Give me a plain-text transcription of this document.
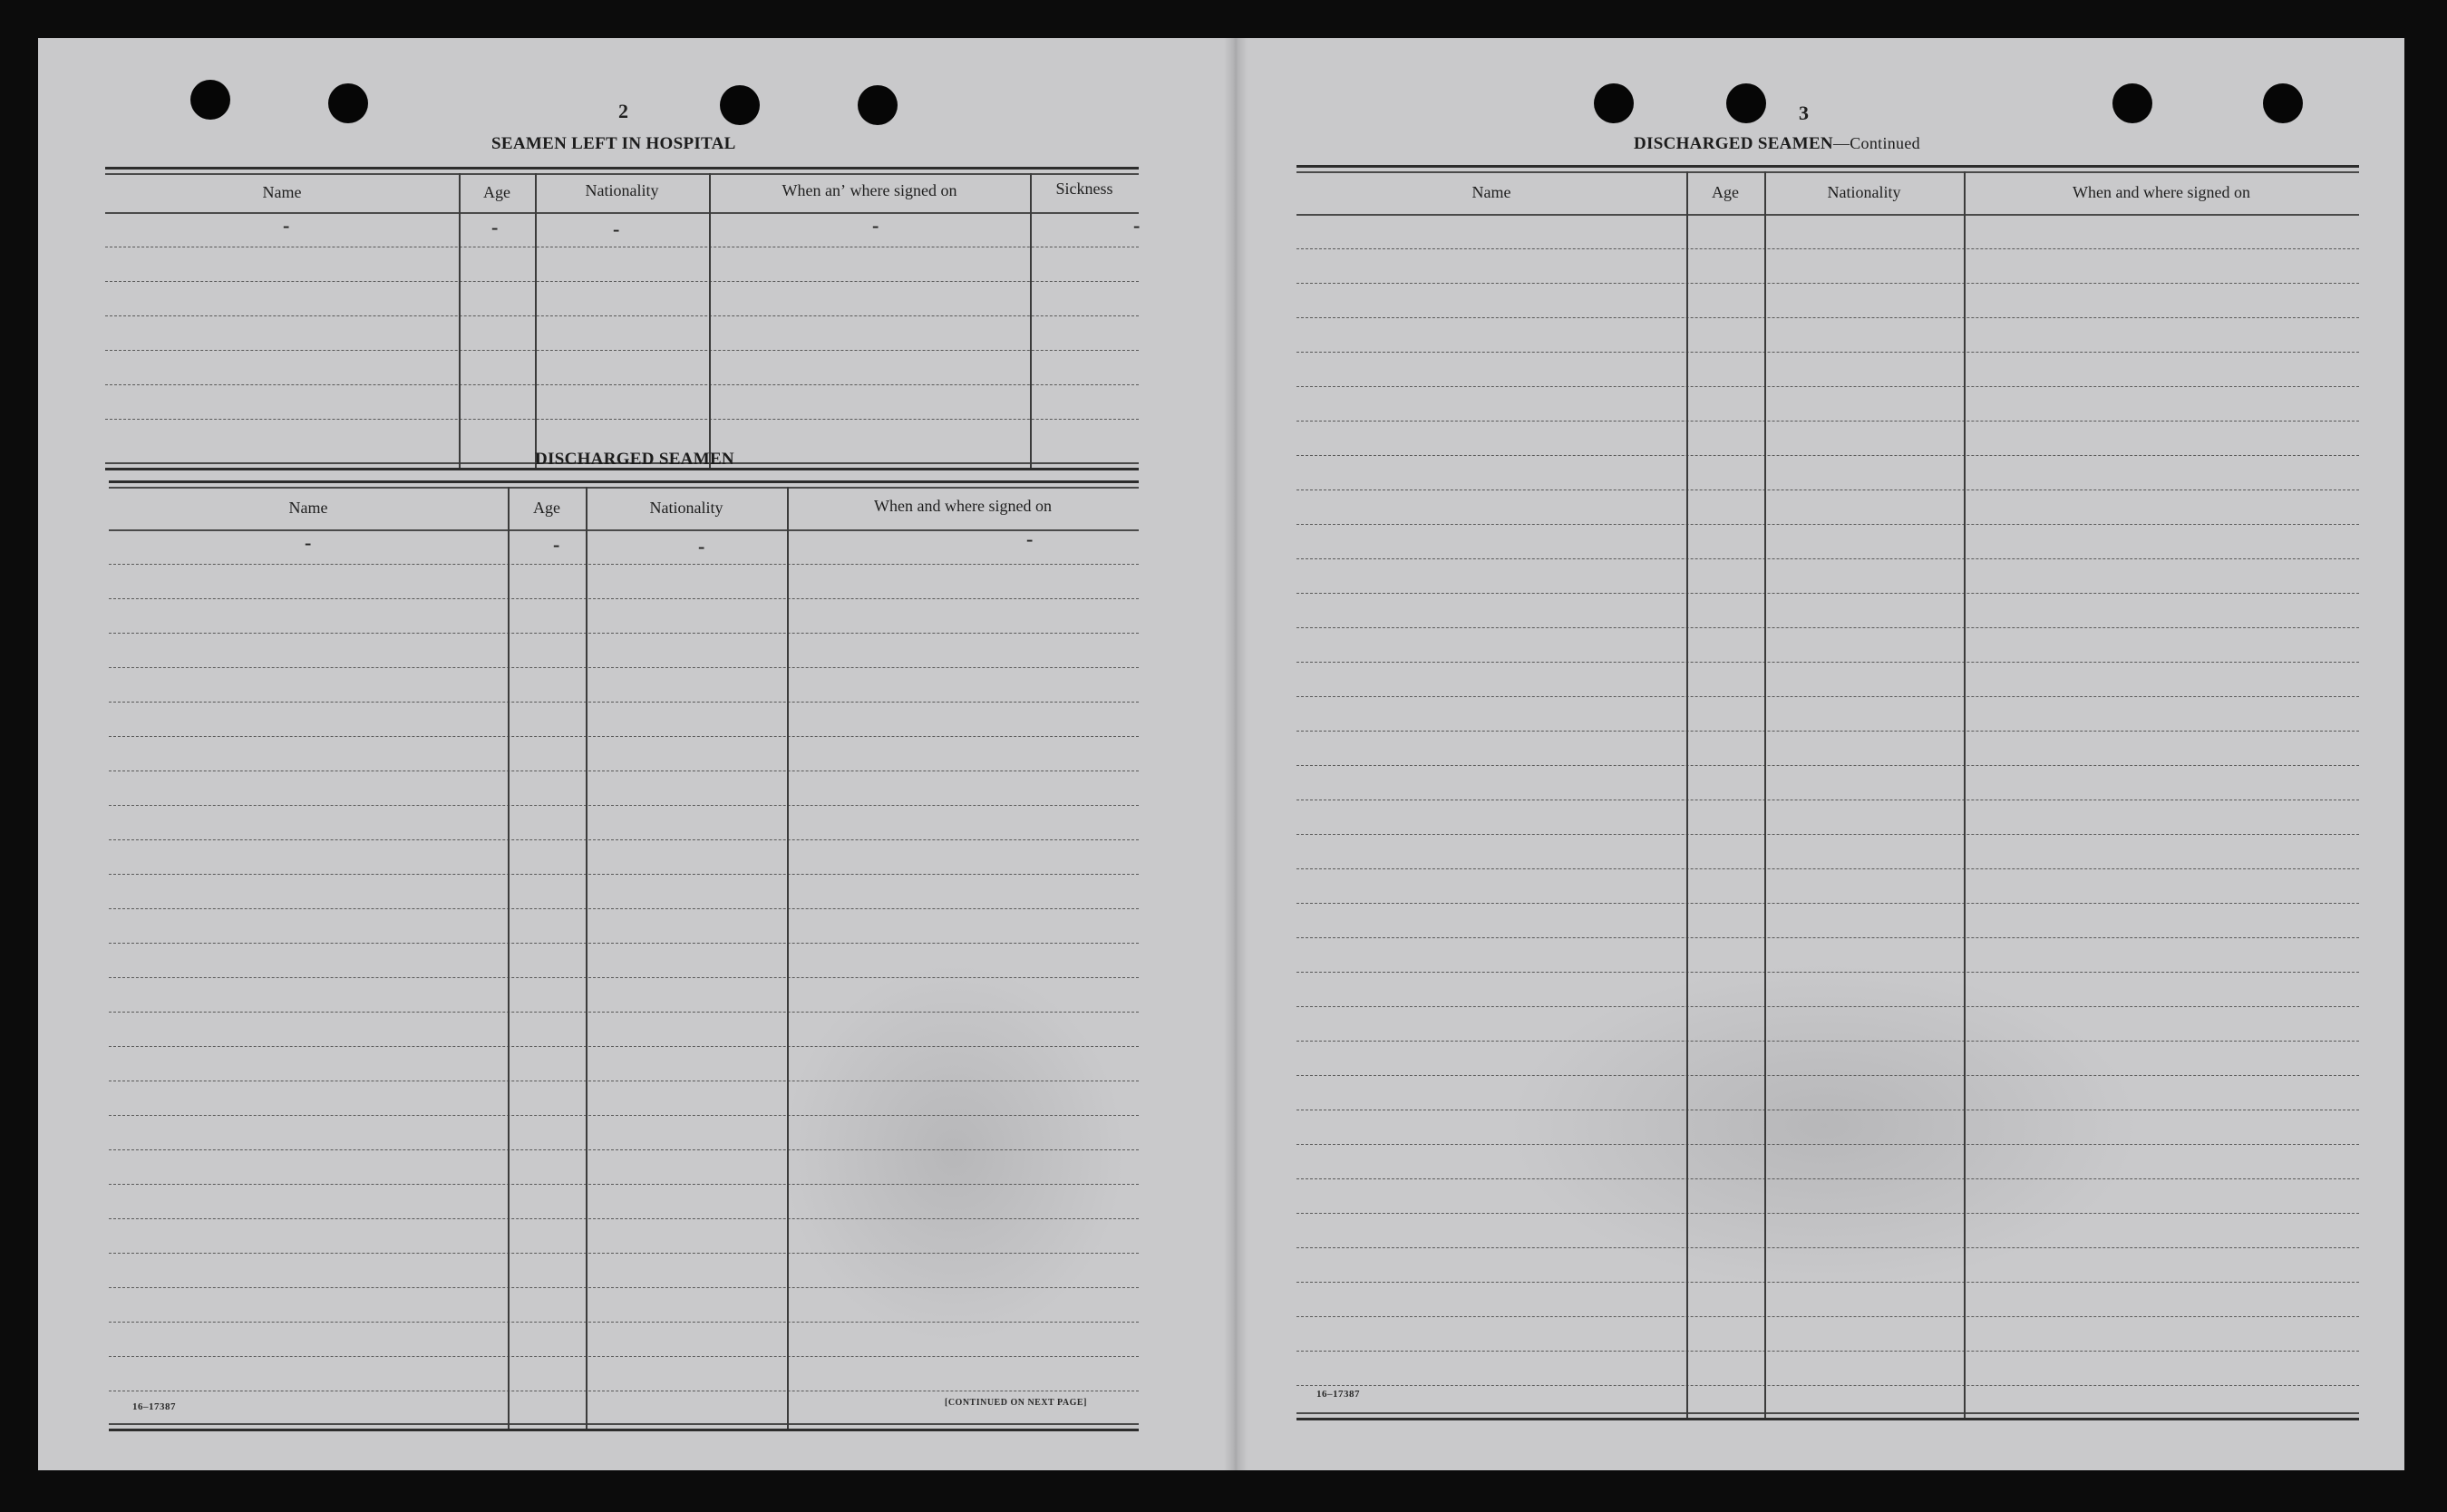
2
SEAMEN LEFT IN HOSPITAL
Name	Age	Nationality	When anʼ where signed on	Sickness
-	-	-	-	-
DISCHARGED SEAMEN
Name	Age	Nationality	When and where signed on
-	-	-	-
16–17387	[CONTINUED ON NEXT PAGE]
3
DISCHARGED SEAMEN—Continued
Name	Age	Nationality	When and where signed on
16–17387
